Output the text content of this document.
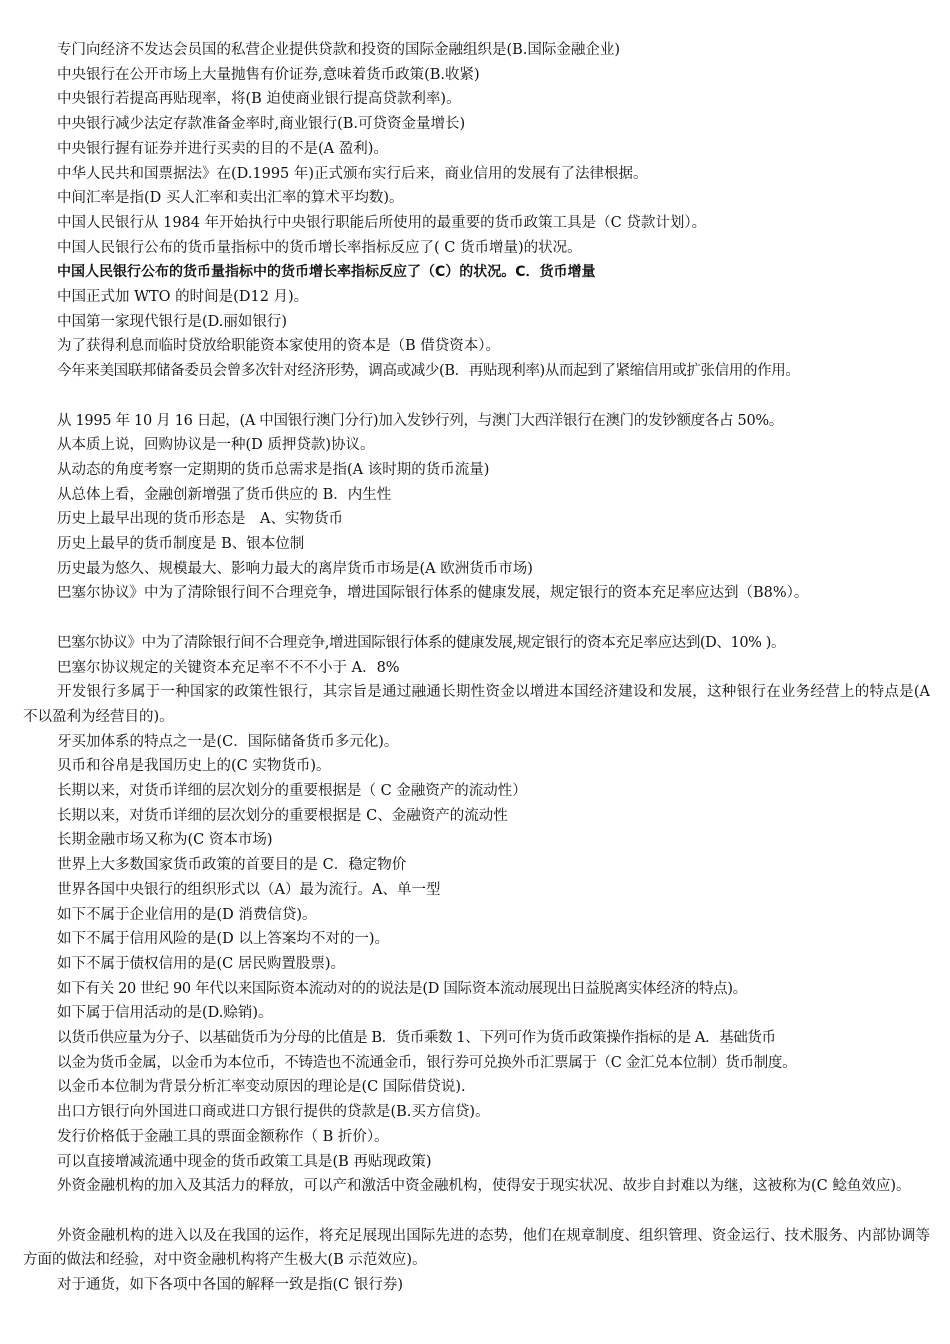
专门向经济不发达会员国的私营企业提供贷款和投资的国际金融组织是(B.国际金融企业)

中央银行在公开市场上大量抛售有价证券,意味着货币政策(B.收紧)

中央银行若提高再贴现率，将(B 迫使商业银行提高贷款利率)。

中央银行减少法定存款准备金率时,商业银行(B.可贷资金量增长)

中央银行握有证券并进行买卖的目的不是(A 盈利)。

中华人民共和国票据法》在(D.1995 年)正式颁布实行后来，商业信用的发展有了法律根据。

中间汇率是指(D 买人汇率和卖出汇率的算术平均数)。

中国人民银行从 1984 年开始执行中央银行职能后所使用的最重要的货币政策工具是（C 贷款计划）。

中国人民银行公布的货币量指标中的货币增长率指标反应了( C 货币增量)的状况。

中国人民银行公布的货币量指标中的货币增长率指标反应了（C）的状况。C．货币增量

中国正式加 WTO 的时间是(D12 月)。

中国第一家现代银行是(D.丽如银行)

为了获得利息而临时贷放给职能资本家使用的资本是（B 借贷资本）。

今年来美国联邦储备委员会曾多次针对经济形势，调高或减少(B．再贴现利率)从而起到了紧缩信用或扩张信用的作用。

从 1995 年 10 月 16 日起，(A 中国银行澳门分行)加入发钞行列，与澳门大西洋银行在澳门的发钞额度各占 50%。

从本质上说，回购协议是一种(D 质押贷款)协议。

从动态的角度考察一定期期的货币总需求是指(A 该时期的货币流量)

从总体上看，金融创新增强了货币供应的 B．内生性

历史上最早出现的货币形态是　A、实物货币

历史上最早的货币制度是 B、银本位制

历史最为悠久、规模最大、影响力最大的离岸货币市场是(A 欧洲货币市场)

巴塞尔协议》中为了清除银行间不合理竞争，增进国际银行体系的健康发展，规定银行的资本充足率应达到（B8%）。

巴塞尔协议》中为了清除银行间不合理竞争,增进国际银行体系的健康发展,规定银行的资本充足率应达到(D、10% )。

巴塞尔协议规定的关键资本充足率不不不小于 A．8%

开发银行多属于一种国家的政策性银行，其宗旨是通过融通长期性资金以增进本国经济建设和发展，这种银行在业务经营上的特点是(A 不以盈利为经营目的)。

牙买加体系的特点之一是(C．国际储备货币多元化)。

贝币和谷帛是我国历史上的(C 实物货币)。

长期以来，对货币详细的层次划分的重要根据是（ C 金融资产的流动性）

长期以来，对货币详细的层次划分的重要根据是 C、金融资产的流动性

长期金融市场又称为(C 资本市场)

世界上大多数国家货币政策的首要目的是 C．稳定物价

世界各国中央银行的组织形式以（A）最为流行。A、单一型

如下不属于企业信用的是(D 消费信贷)。

如下不属于信用风险的是(D 以上答案均不对的一)。

如下不属于债权信用的是(C 居民购置股票)。

如下有关 20 世纪 90 年代以来国际资本流动对的的说法是(D 国际资本流动展现出日益脱离实体经济的特点)。

如下属于信用活动的是(D.赊销)。

以货币供应量为分子、以基础货币为分母的比值是 B．货币乘数 1、下列可作为货币政策操作指标的是 A．基础货币

以金为货币金属，以金币为本位币，不铸造也不流通金币，银行券可兑换外币汇票属于（C 金汇兑本位制）货币制度。

以金币本位制为背景分析汇率变动原因的理论是(C 国际借贷说).

出口方银行向外国进口商或进口方银行提供的贷款是(B.买方信贷)。

发行价格低于金融工具的票面金额称作（ B 折价）。

可以直接增减流通中现金的货币政策工具是(B 再贴现政策)

外资金融机构的加入及其活力的释放，可以产和激活中资金融机构，使得安于现实状况、故步自封难以为继，这被称为(C 鲶鱼效应)。

外资金融机构的进入以及在我国的运作，将充足展现出国际先进的态势，他们在规章制度、组织管理、资金运行、技术服务、内部协调等方面的做法和经验，对中资金融机构将产生极大(B 示范效应)。

对于通货，如下各项中各国的解释一致是指(C 银行券)
